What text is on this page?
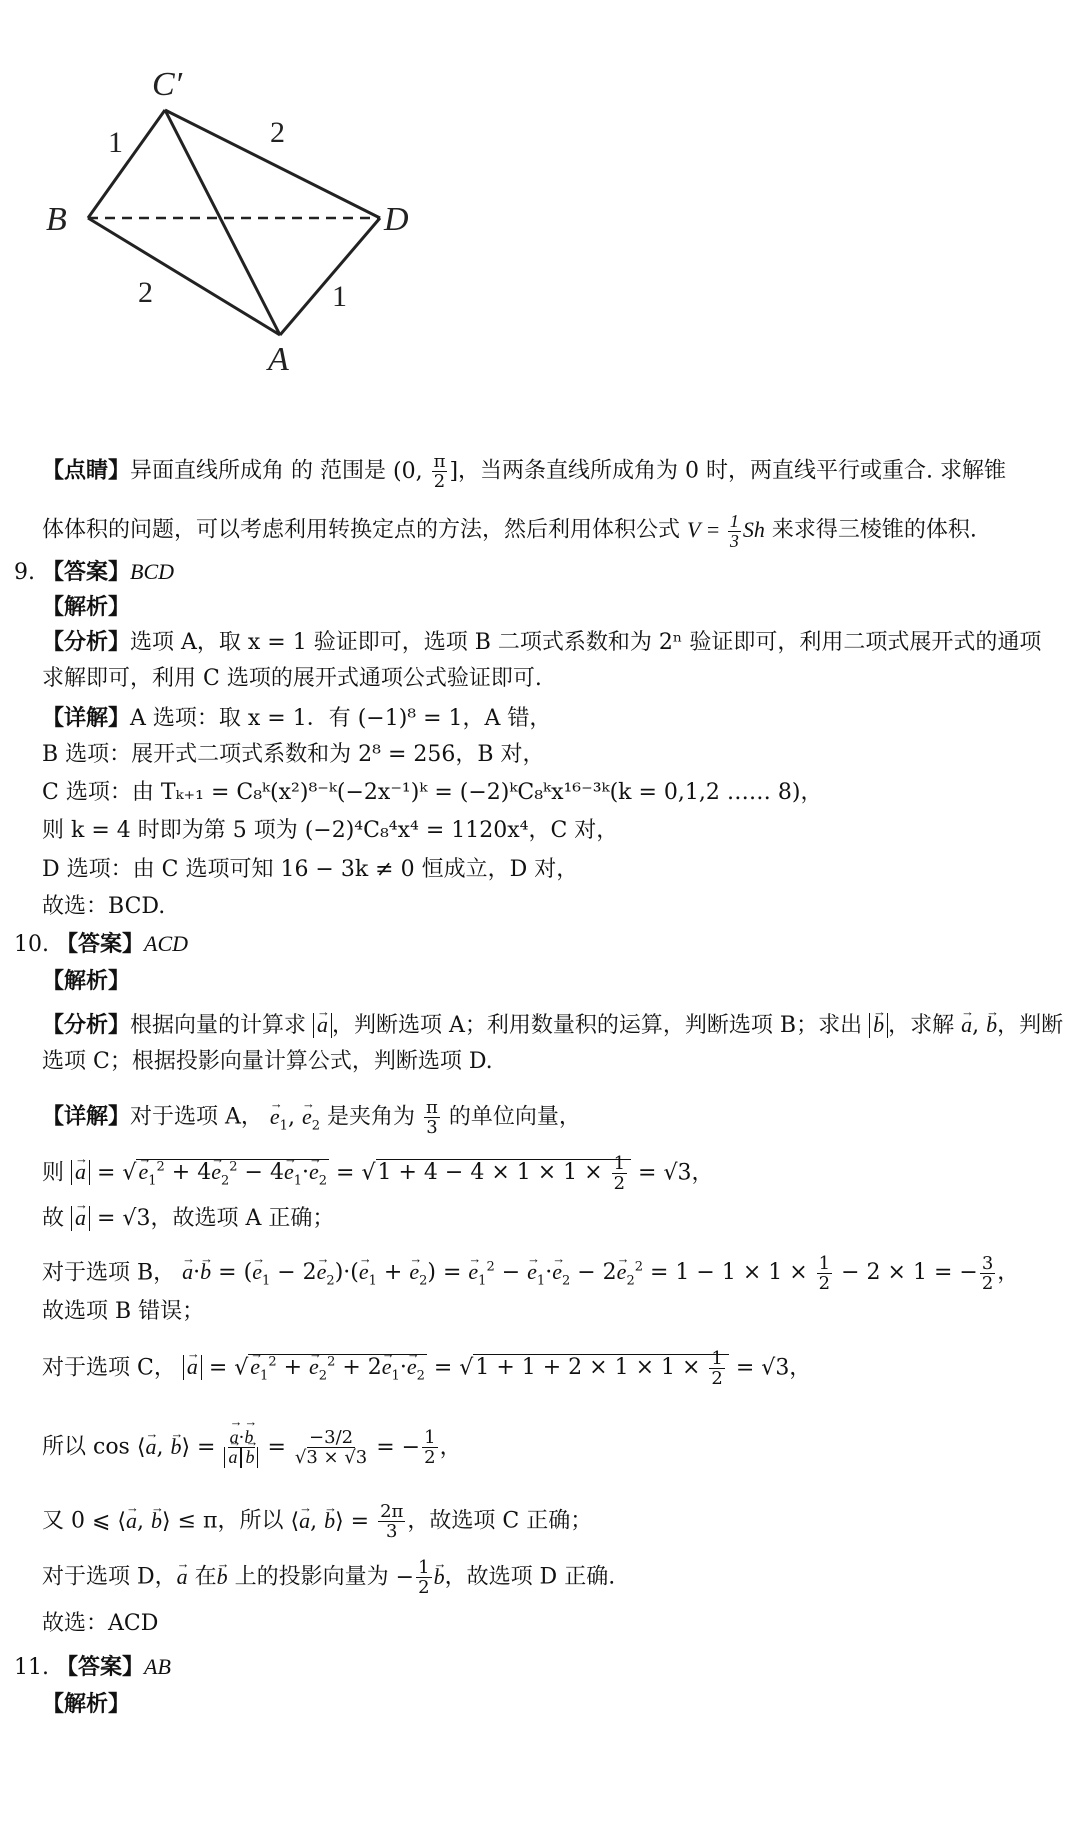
C′
B	D
A
1	2
2	1
【点睛】异面直线所成角 的 范围是 (0, $\frac{\pi}{2}$ ]，当两条直线所成角为 0 时，两直线平行或重合. 求解锥
体体积的问题，可以考虑利用转换定点的方法，然后利用体积公式 $V = \frac{1}{3}$ Sh 来求得三棱锥的体积.
9. 【答案】BCD
【解析】
【分析】选项 A，取 x = 1 验证即可，选项 B 二项式系数和为 2ⁿ 验证即可，利用二项式展开式的通项
求解即可，利用 C 选项的展开式通项公式验证即可.
【详解】A 选项：取 x = 1．有 (−1)⁸ = 1，A 错，
B 选项：展开式二项式系数和为 2⁸ = 256，B 对，
C 选项：由 Tₖ₊₁ = C₈ᵏ(x²)⁸⁻ᵏ(−2x⁻¹)ᵏ = (−2)ᵏC₈ᵏx¹⁶⁻³ᵏ(k = 0,1,2 …… 8)，
则 k = 4 时即为第 5 项为 (−2)⁴C₈⁴x⁴ = 1120x⁴，C 对，
D 选项：由 C 选项可知 16 − 3k ≠ 0 恒成立，D 对，
故选：BCD.
10. 【答案】ACD
【解析】
【分析】根据向量的计算求 → a ，判断选项 A；利用数量积的运算，判断选项 B；求出 → b ，求解 → a, → b，判断
选项 C；根据投影向量计算公式，判断选项 D.
【详解】对于选项 A， → $e_1$, → $e_2$ 是夹角为 $\frac{\pi}{3}$ 的单位向量，
则 → a = √→ $e_1^2 + 4\to e_2^2 - 4\to e_1\cdot\to e_2 = √1 + 4 - 4 \times 1 \times 1 \times \frac{1}{2} = √3$，
故 → a = √3，故选项 A 正确；
对于选项 B， → a·→ b = (→ $e_1 - 2\to e_2)\cdot(\to e_1$ + → $e_2$) = → $e_1^2$ − → $e_1\cdot\to e_2 - 2\to e_2^2 = 1 - 1 \times 1 \times \frac{1}{2} - 2 \times 1$ = − $\frac{3}{2}$ ，
故选项 B 错误；
对于选项 C， → a = √→ $e_1^2$ + → $e_2^2 + 2\to e_1\cdot\to e_2 = √1 + 1 + 2 \times 1 \times 1 \times \frac{1}{2} = √3$，
所以 cos ⟨→ a, → b⟩ =
→ a·→ b
→ $a\to b = \frac{-3/2}{√3 \times √3}$ = − $\frac{1}{2}$ ，
又 0 ⩽ ⟨→ a, → b⟩ ≤ π，所以 ⟨→ a, → b⟩ = $\frac{2\pi}{3}$ ，故选项 C 正确；
对于选项 D，→ a 在→ b 上的投影向量为 − $\frac{1}{2}$
→ b，故选项 D 正确.
故选：ACD
11. 【答案】AB
【解析】
